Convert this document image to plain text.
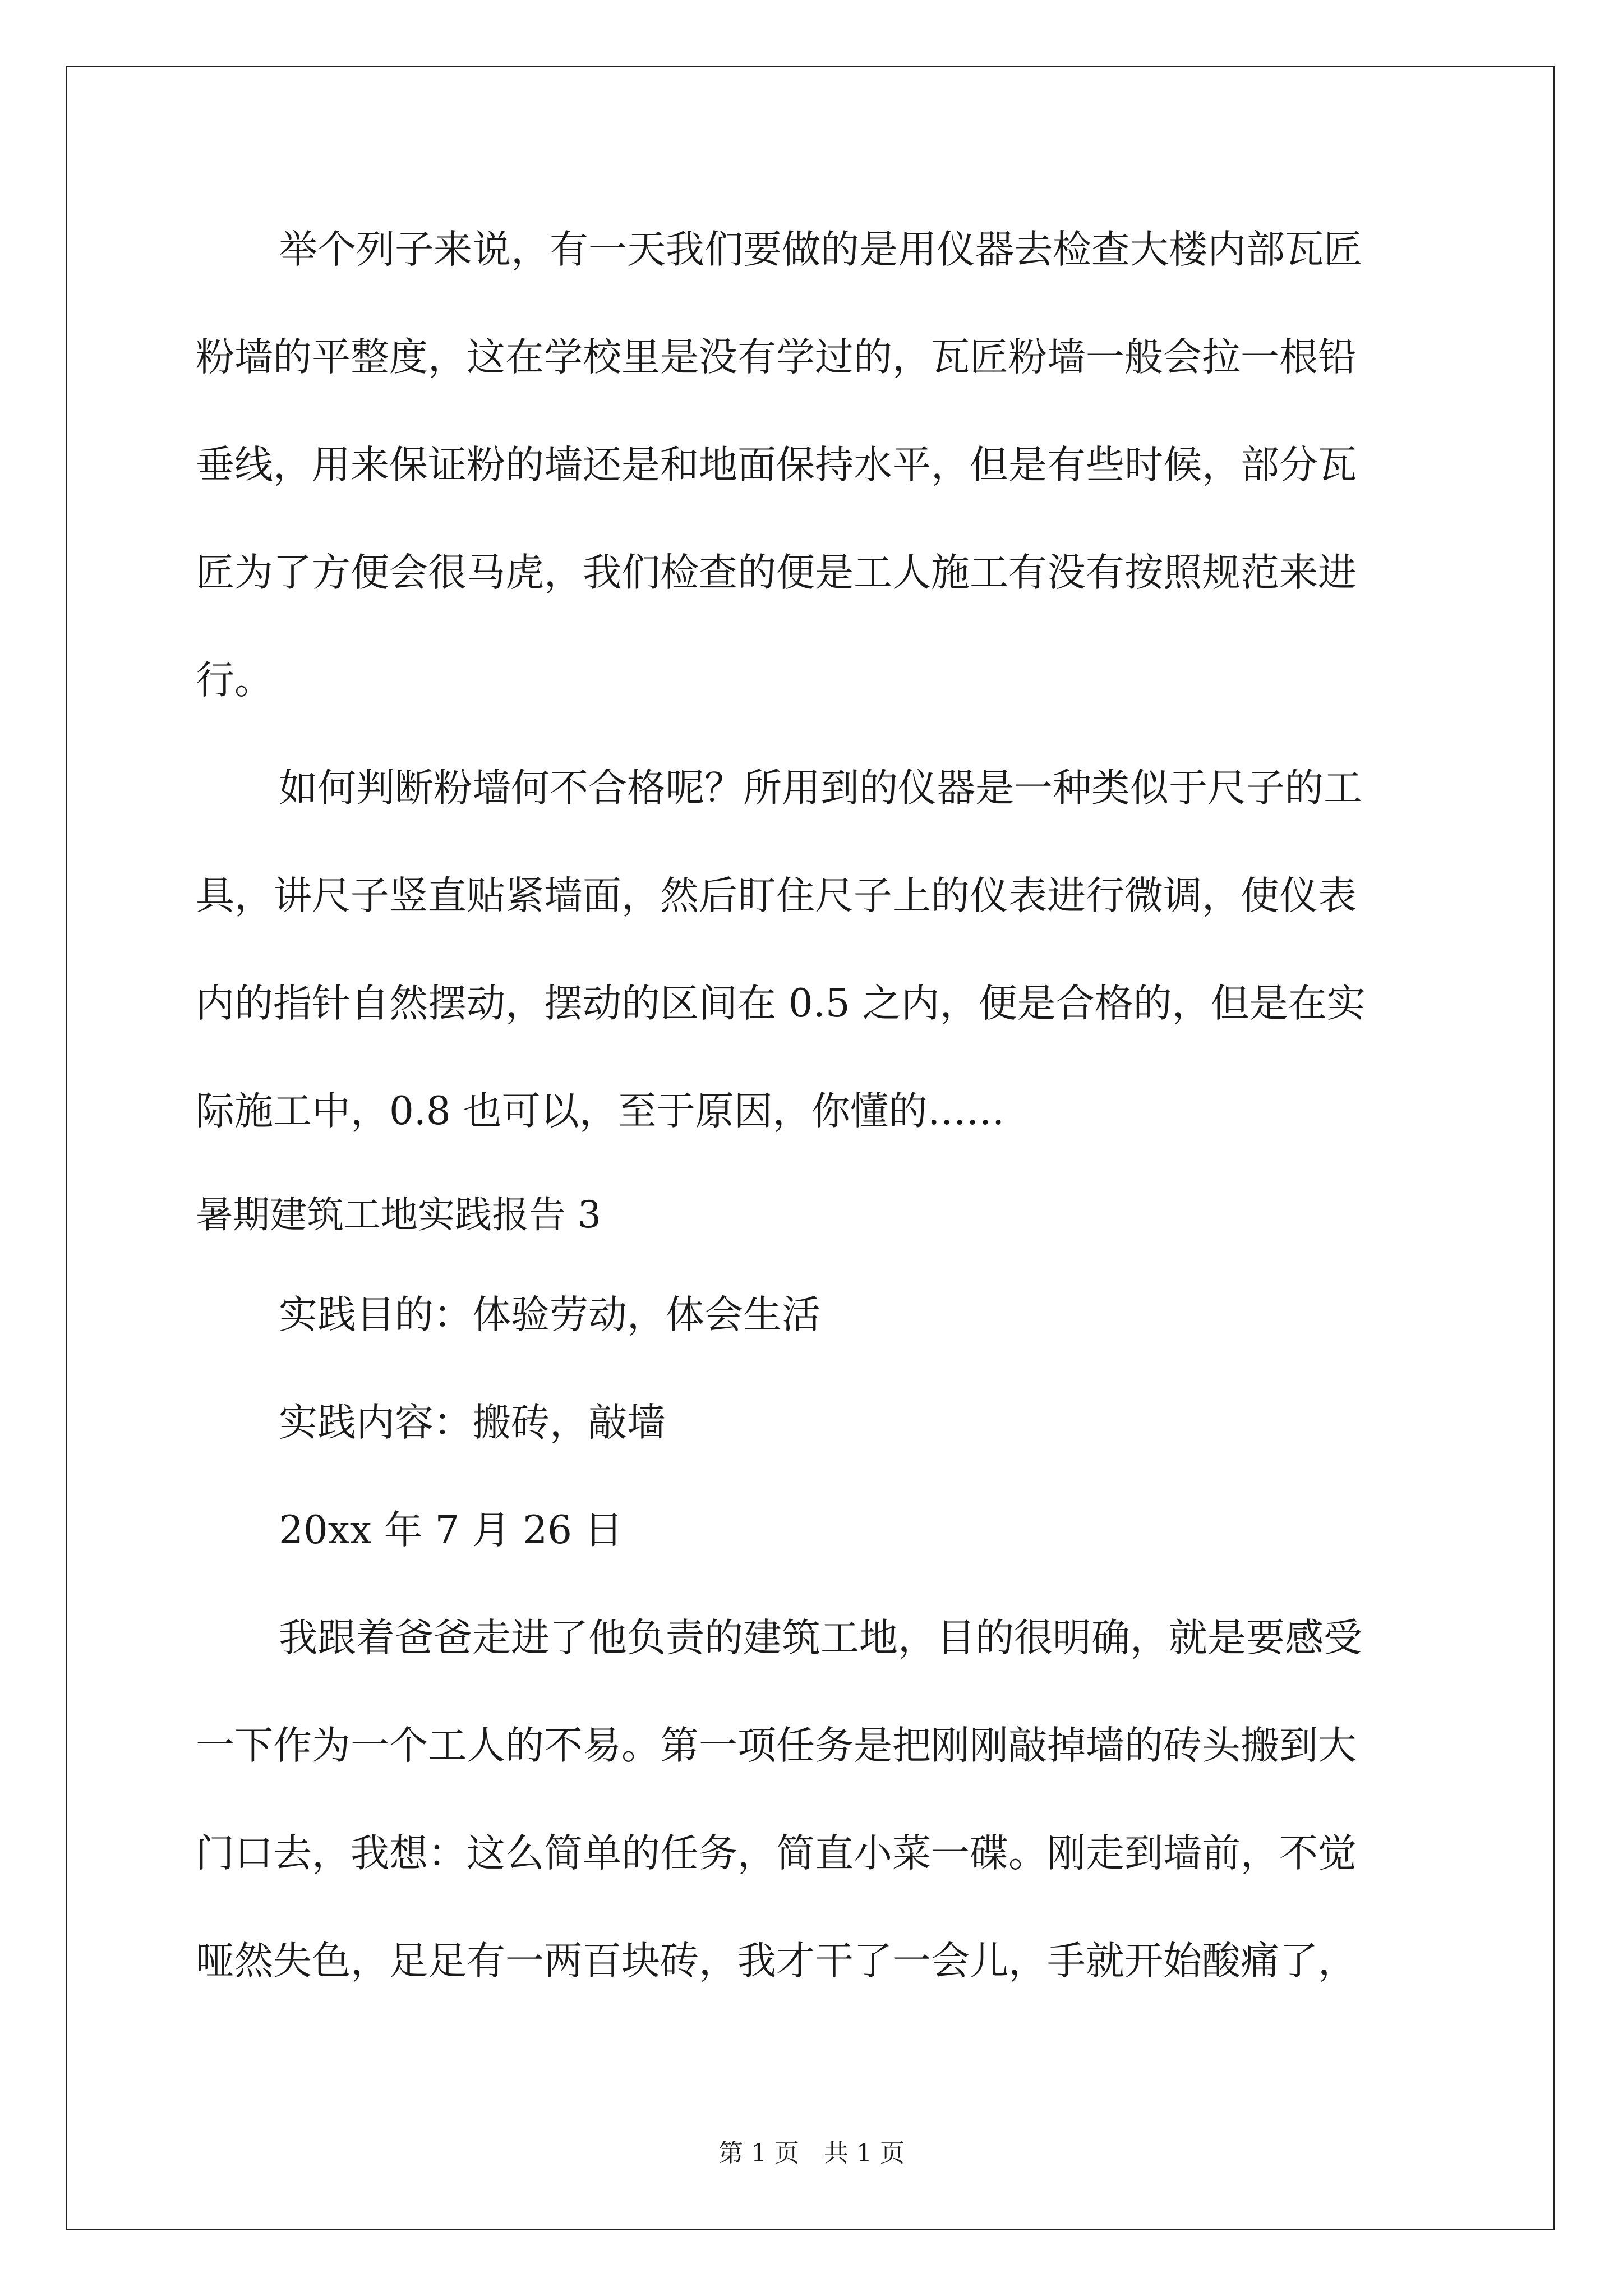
举个列子来说，有一天我们要做的是用仪器去检查大楼内部瓦匠
粉墙的平整度，这在学校里是没有学过的，瓦匠粉墙一般会拉一根铅
垂线，用来保证粉的墙还是和地面保持水平，但是有些时候，部分瓦
匠为了方便会很马虎，我们检查的便是工人施工有没有按照规范来进
行。
如何判断粉墙何不合格呢？所用到的仪器是一种类似于尺子的工
具，讲尺子竖直贴紧墙面，然后盯住尺子上的仪表进行微调，使仪表
内的指针自然摆动，摆动的区间在 0.5 之内，便是合格的，但是在实
际施工中，0.8 也可以，至于原因，你懂的……
暑期建筑工地实践报告 3
实践目的：体验劳动，体会生活
实践内容：搬砖，敲墙
20xx 年 7 月 26 日
我跟着爸爸走进了他负责的建筑工地，目的很明确，就是要感受
一下作为一个工人的不易。第一项任务是把刚刚敲掉墙的砖头搬到大
门口去，我想：这么简单的任务，简直小菜一碟。刚走到墙前，不觉
哑然失色，足足有一两百块砖，我才干了一会儿，手就开始酸痛了，
第 1 页　共 1 页
